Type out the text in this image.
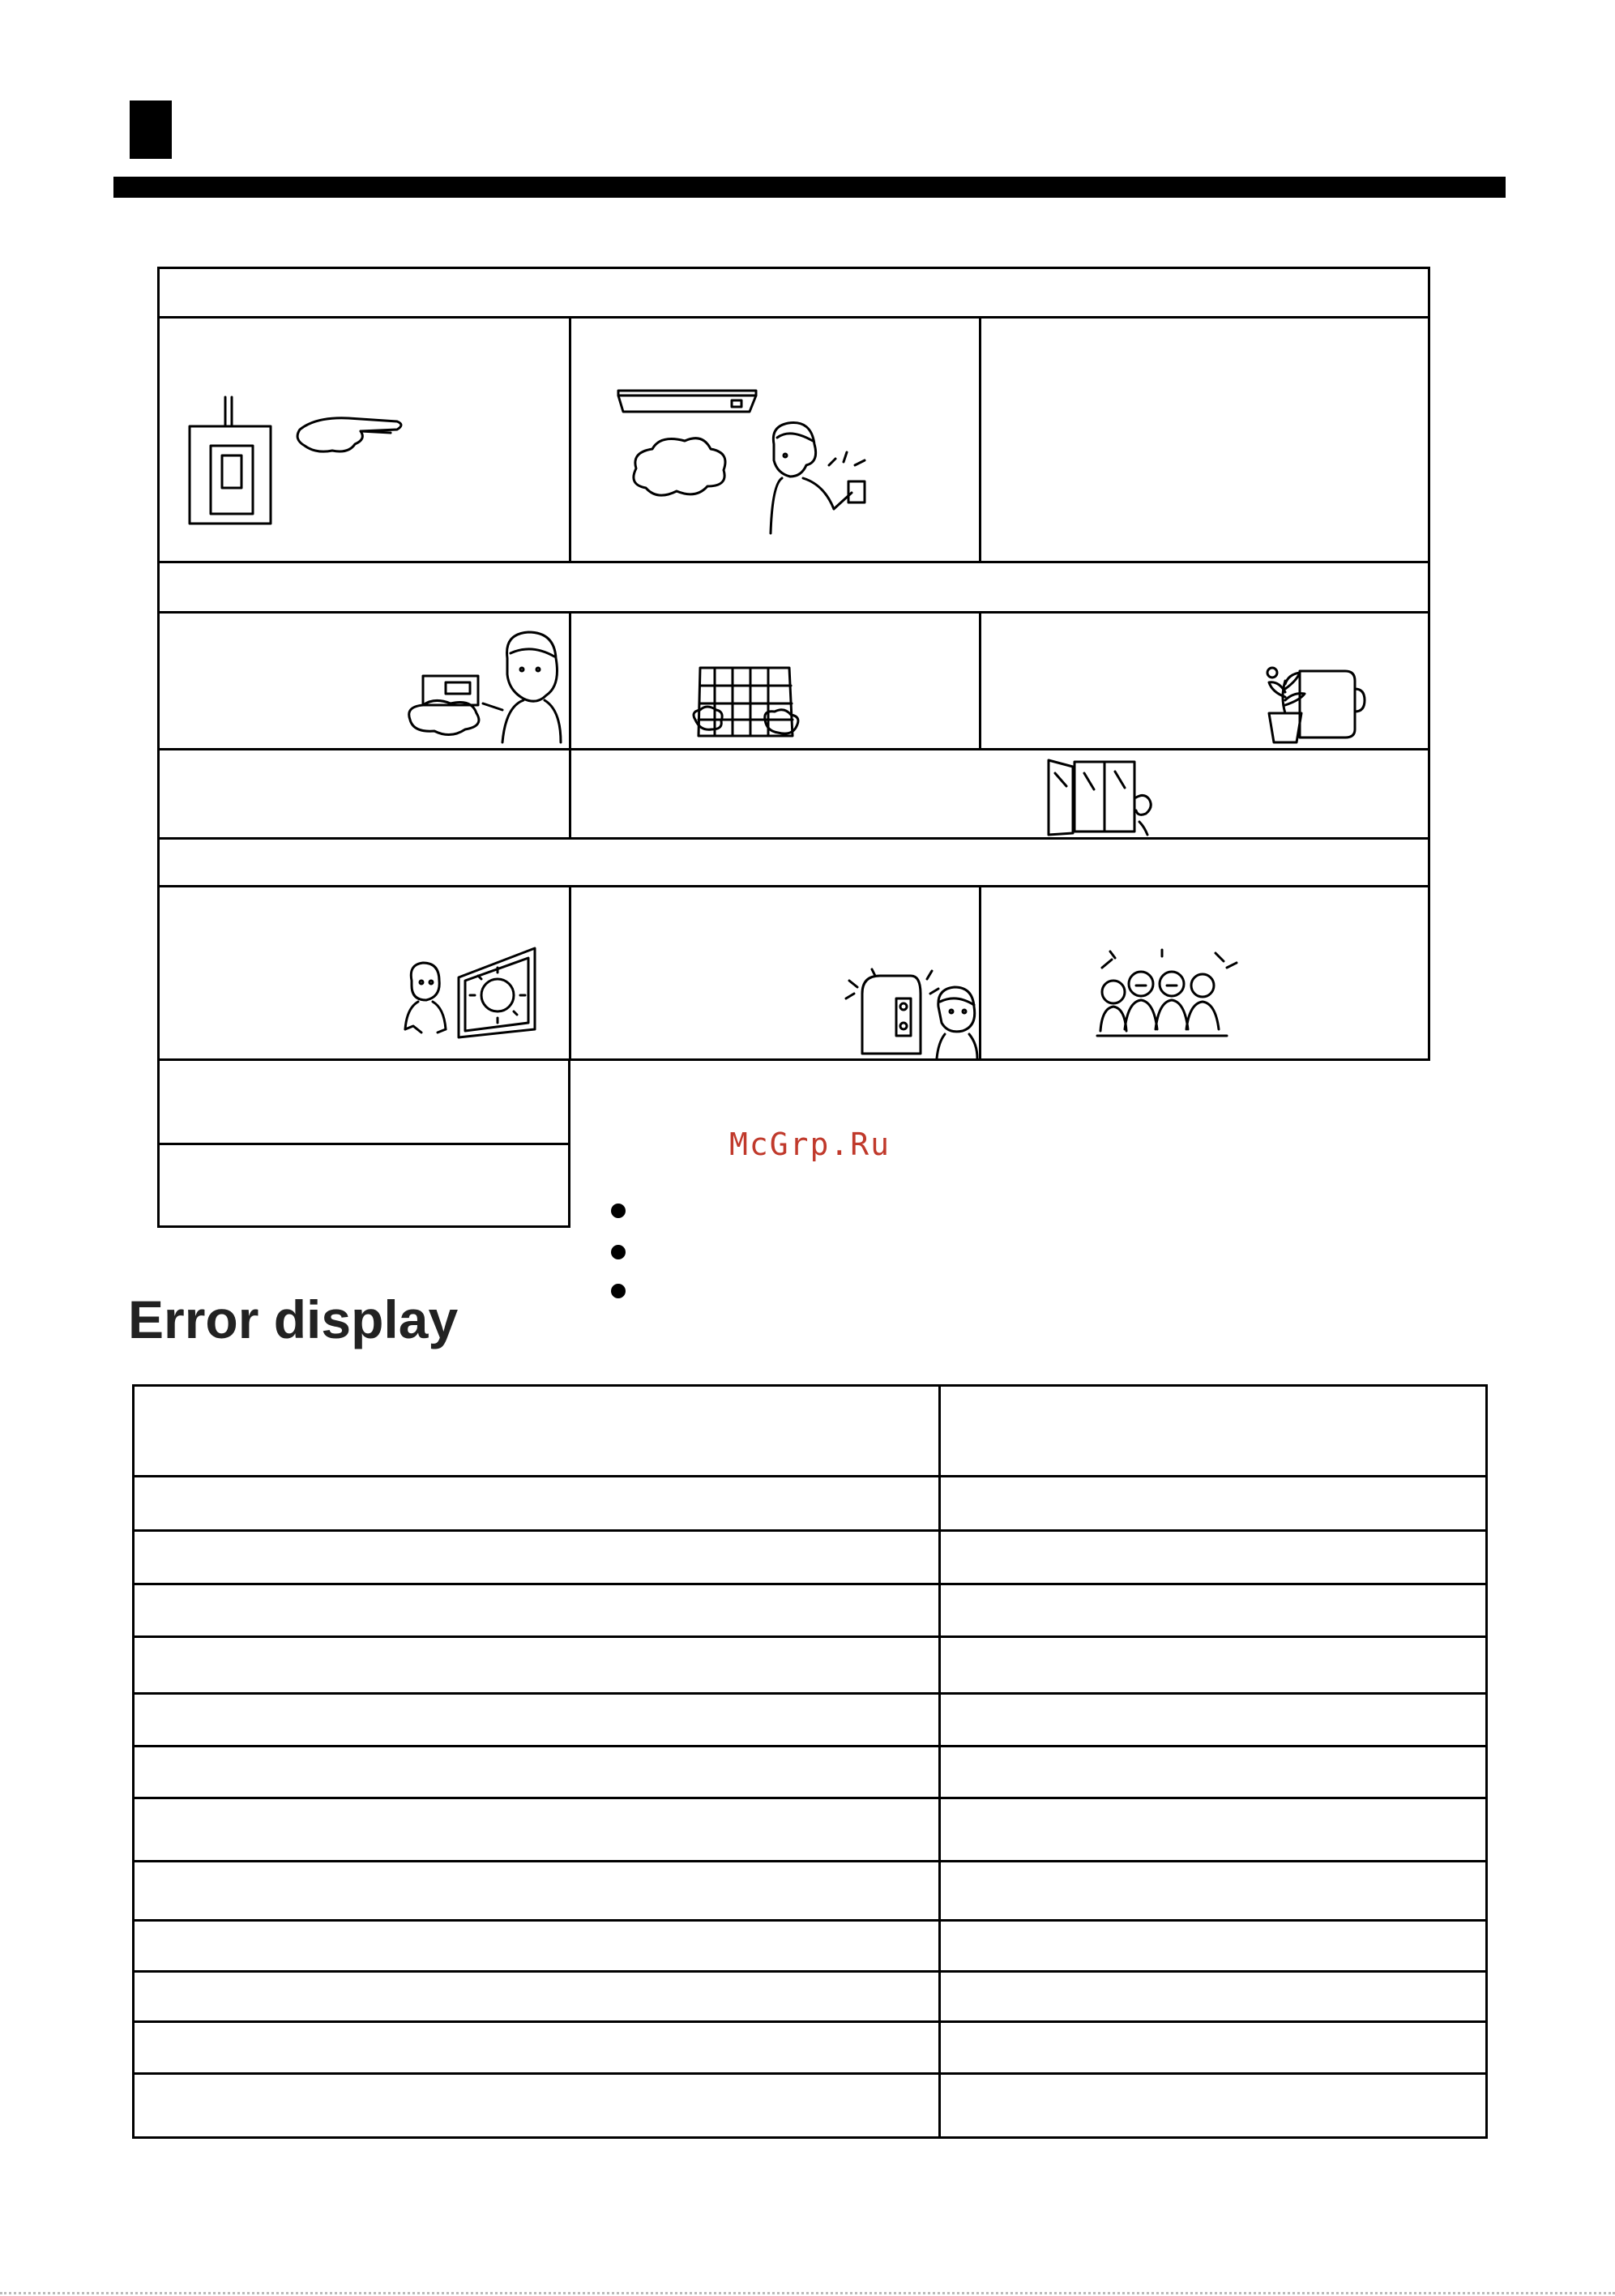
McGrp.Ru
Error display
